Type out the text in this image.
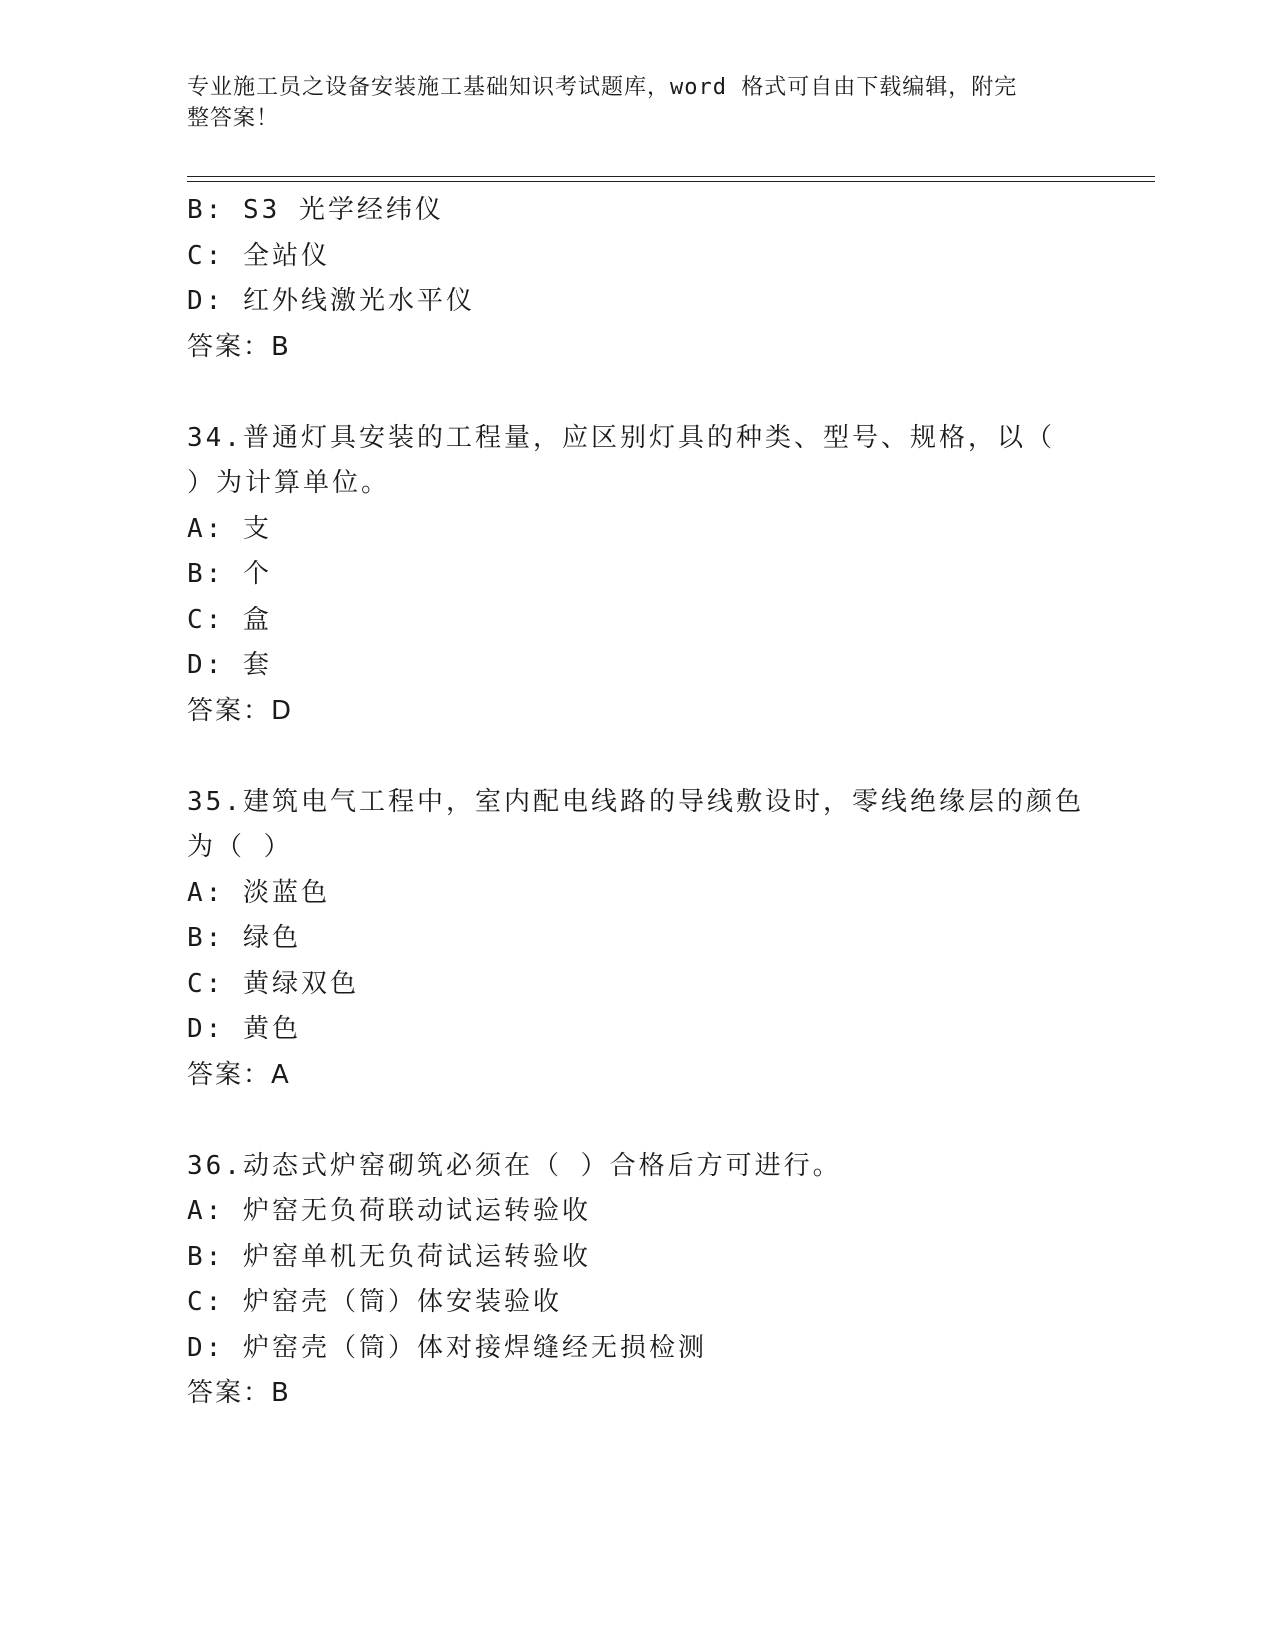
专业施工员之设备安装施工基础知识考试题库，word 格式可自由下载编辑，附完
整答案！
B: S3 光学经纬仪
C: 全站仪
D: 红外线激光水平仪
答案：B
34.普通灯具安装的工程量，应区别灯具的种类、型号、规格，以（
）为计算单位。
A: 支
B: 个
C: 盒
D: 套
答案：D
35.建筑电气工程中，室内配电线路的导线敷设时，零线绝缘层的颜色
为（ ）
A: 淡蓝色
B: 绿色
C: 黄绿双色
D: 黄色
答案：A
36.动态式炉窑砌筑必须在（ ）合格后方可进行。
A: 炉窑无负荷联动试运转验收
B: 炉窑单机无负荷试运转验收
C: 炉窑壳（筒）体安装验收
D: 炉窑壳（筒）体对接焊缝经无损检测
答案：B
